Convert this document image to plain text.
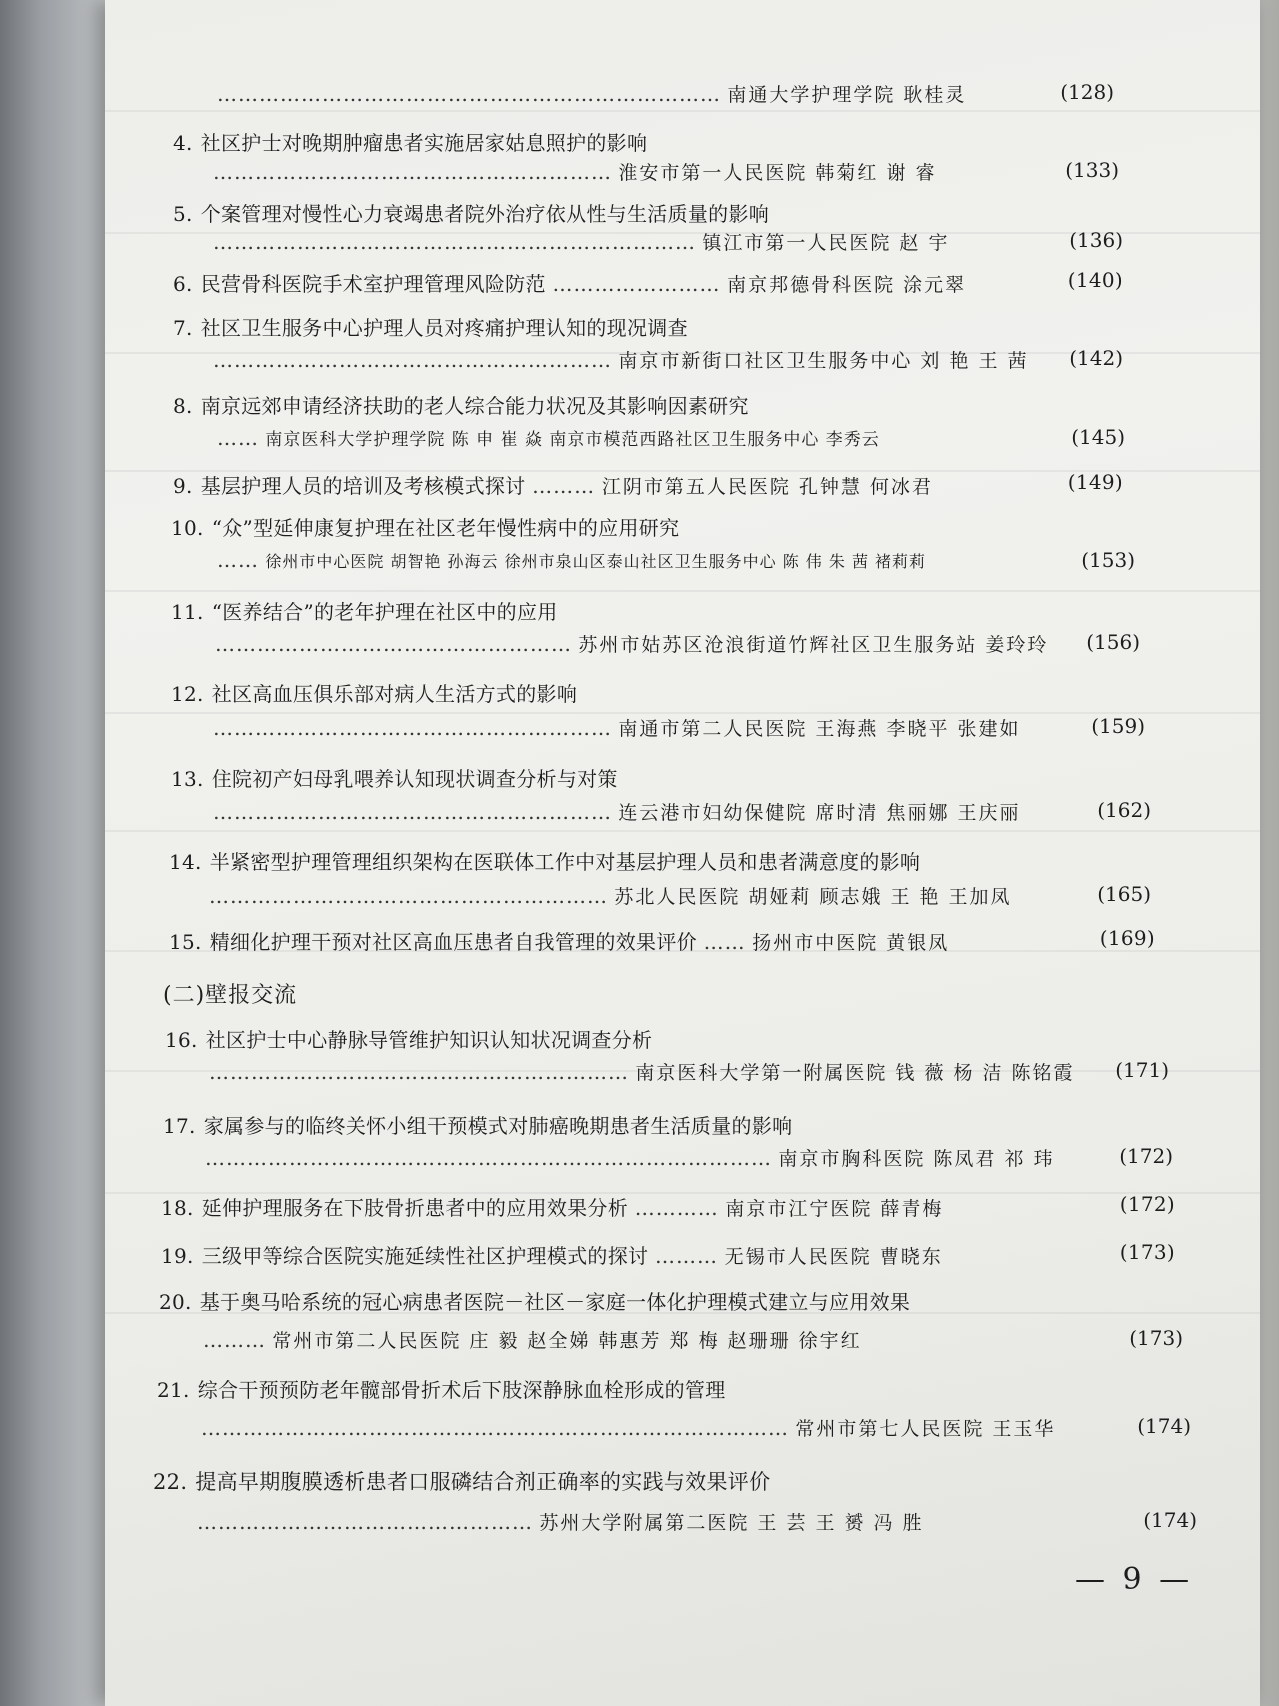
……………………………………………………………… 南通大学护理学院 耿桂灵	(128)
4. 社区护士对晚期肿瘤患者实施居家姑息照护的影响
………………………………………………… 淮安市第一人民医院 韩菊红 谢 睿	(133)
5. 个案管理对慢性心力衰竭患者院外治疗依从性与生活质量的影响
…………………………………………………………… 镇江市第一人民医院 赵 宇	(136)
6. 民营骨科医院手术室护理管理风险防范 …………………… 南京邦德骨科医院 涂元翠	(140)
7. 社区卫生服务中心护理人员对疼痛护理认知的现况调查
………………………………………………… 南京市新街口社区卫生服务中心 刘 艳 王 茜 (142)
8. 南京远郊申请经济扶助的老人综合能力状况及其影响因素研究
…… 南京医科大学护理学院 陈 申 崔 焱 南京市模范西路社区卫生服务中心 李秀云	(145)
9. 基层护理人员的培训及考核模式探讨 ……… 江阴市第五人民医院 孔钟慧 何冰君	(149)
10. “众”型延伸康复护理在社区老年慢性病中的应用研究
…… 徐州市中心医院 胡智艳 孙海云 徐州市泉山区泰山社区卫生服务中心 陈 伟 朱 茜 褚莉莉	(153)
11. “医养结合”的老年护理在社区中的应用
…………………………………………… 苏州市姑苏区沧浪街道竹辉社区卫生服务站 姜玲玲 (156)
12. 社区高血压俱乐部对病人生活方式的影响
………………………………………………… 南通市第二人民医院 王海燕 李晓平 张建如	(159)
13. 住院初产妇母乳喂养认知现状调查分析与对策
………………………………………………… 连云港市妇幼保健院 席时清 焦丽娜 王庆丽	(162)
14. 半紧密型护理管理组织架构在医联体工作中对基层护理人员和患者满意度的影响
………………………………………………… 苏北人民医院 胡娅莉 顾志娥 王 艳 王加凤	(165)
15. 精细化护理干预对社区高血压患者自我管理的效果评价 …… 扬州市中医院 黄银凤	(169)
(二)壁报交流
16. 社区护士中心静脉导管维护知识认知状况调查分析
…………………………………………………… 南京医科大学第一附属医院 钱 薇 杨 洁 陈铭霞 (171)
17. 家属参与的临终关怀小组干预模式对肺癌晚期患者生活质量的影响
……………………………………………………………………… 南京市胸科医院 陈凤君 祁 玮	(172)
18. 延伸护理服务在下肢骨折患者中的应用效果分析 ………… 南京市江宁医院 薛青梅	(172)
19. 三级甲等综合医院实施延续性社区护理模式的探讨 ……… 无锡市人民医院 曹晓东	(173)
20. 基于奥马哈系统的冠心病患者医院－社区－家庭一体化护理模式建立与应用效果
……… 常州市第二人民医院 庄 毅 赵全娣 韩惠芳 郑 梅 赵珊珊 徐宇红	(173)
21. 综合干预预防老年髋部骨折术后下肢深静脉血栓形成的管理
………………………………………………………………………… 常州市第七人民医院 王玉华	(174)
22. 提高早期腹膜透析患者口服磷结合剂正确率的实践与效果评价
………………………………………… 苏州大学附属第二医院 王 芸 王 赟 冯 胜	(174)
— 9 —
